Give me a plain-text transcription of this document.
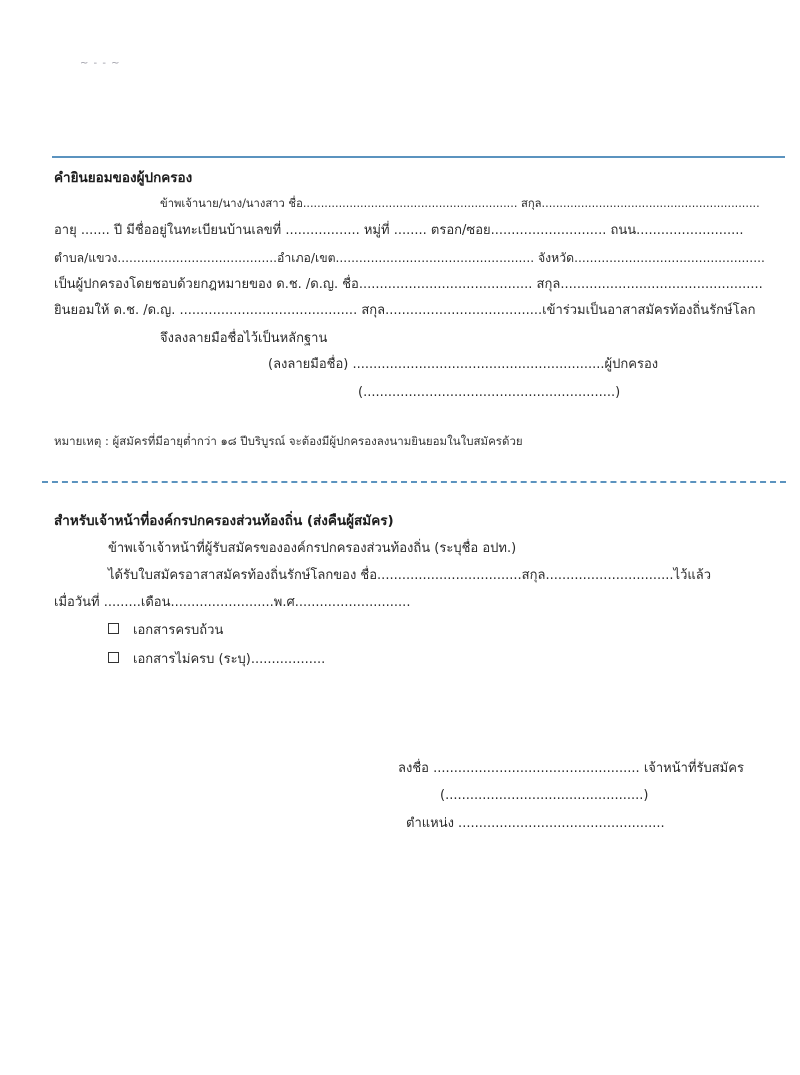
~ - - ~
คํายินยอมของผู้ปกครอง
ข้าพเจ้านาย/นาง/นางสาว ชื่อ............................................................ สกุล.............................................................
อายุ ....... ปี มีชื่ออยู่ในทะเบียนบ้านเลขที่ .................. หมู่ที่ ........ ตรอก/ซอย............................ ถนน..........................
ตำบล/แขวง.........................................อำเภอ/เขต................................................... จังหวัด.................................................
เป็นผู้ปกครองโดยชอบด้วยกฎหมายของ ด.ช. /ด.ญ. ชื่อ.......................................... สกุล.................................................
ยินยอมให้ ด.ช. /ด.ญ. ........................................... สกุล......................................เข้าร่วมเป็นอาสาสมัครท้องถิ่นรักษ์โลก
จึงลงลายมือชื่อไว้เป็นหลักฐาน
(ลงลายมือชื่อ) .............................................................ผู้ปกครอง
(.............................................................)
หมายเหตุ : ผู้สมัครที่มีอายุต่ำกว่า ๑๘ ปีบริบูรณ์ จะต้องมีผู้ปกครองลงนามยินยอมในใบสมัครด้วย
สำหรับเจ้าหน้าที่องค์กรปกครองส่วนท้องถิ่น (ส่งคืนผู้สมัคร)
ข้าพเจ้าเจ้าหน้าที่ผู้รับสมัครขององค์กรปกครองส่วนท้องถิ่น (ระบุชื่อ อปท.)
ได้รับใบสมัครอาสาสมัครท้องถิ่นรักษ์โลกของ ชื่อ...................................สกุล...............................ไว้แล้ว
เมื่อวันที่ .........เดือน.........................พ.ศ............................
เอกสารครบถ้วน
เอกสารไม่ครบ (ระบุ)..................
ลงชื่อ .................................................. เจ้าหน้าที่รับสมัคร
(................................................)
ตำแหน่ง ..................................................
